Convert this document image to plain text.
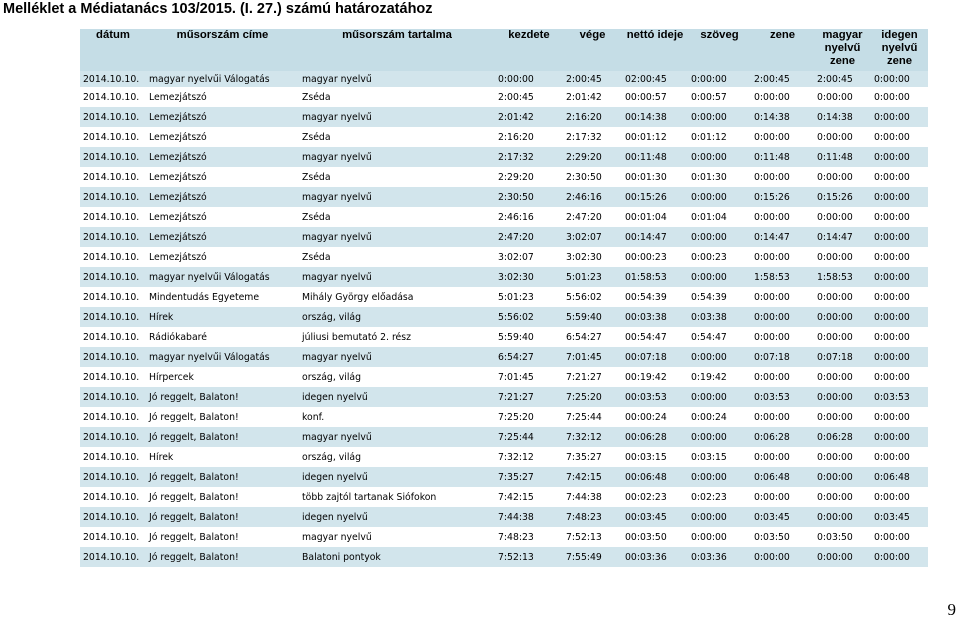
Melléklet a Médiatanács 103/2015. (I. 27.) számú határozatához
dátum	műsorszám címe	műsorszám tartalma	kezdete	vége	nettó ideje	szöveg	zene	magyar nyelvű zene	idegen nyelvű zene
2014.10.10.	magyar nyelvűi Válogatás	magyar nyelvű	0:00:00	2:00:45	02:00:45	0:00:00	2:00:45	2:00:45	0:00:00
2014.10.10.	Lemezjátszó	Zséda	2:00:45	2:01:42	00:00:57	0:00:57	0:00:00	0:00:00	0:00:00
2014.10.10.	Lemezjátszó	magyar nyelvű	2:01:42	2:16:20	00:14:38	0:00:00	0:14:38	0:14:38	0:00:00
2014.10.10.	Lemezjátszó	Zséda	2:16:20	2:17:32	00:01:12	0:01:12	0:00:00	0:00:00	0:00:00
2014.10.10.	Lemezjátszó	magyar nyelvű	2:17:32	2:29:20	00:11:48	0:00:00	0:11:48	0:11:48	0:00:00
2014.10.10.	Lemezjátszó	Zséda	2:29:20	2:30:50	00:01:30	0:01:30	0:00:00	0:00:00	0:00:00
2014.10.10.	Lemezjátszó	magyar nyelvű	2:30:50	2:46:16	00:15:26	0:00:00	0:15:26	0:15:26	0:00:00
2014.10.10.	Lemezjátszó	Zséda	2:46:16	2:47:20	00:01:04	0:01:04	0:00:00	0:00:00	0:00:00
2014.10.10.	Lemezjátszó	magyar nyelvű	2:47:20	3:02:07	00:14:47	0:00:00	0:14:47	0:14:47	0:00:00
2014.10.10.	Lemezjátszó	Zséda	3:02:07	3:02:30	00:00:23	0:00:23	0:00:00	0:00:00	0:00:00
2014.10.10.	magyar nyelvűi Válogatás	magyar nyelvű	3:02:30	5:01:23	01:58:53	0:00:00	1:58:53	1:58:53	0:00:00
2014.10.10.	Mindentudás Egyeteme	Mihály György előadása	5:01:23	5:56:02	00:54:39	0:54:39	0:00:00	0:00:00	0:00:00
2014.10.10.	Hírek	ország, világ	5:56:02	5:59:40	00:03:38	0:03:38	0:00:00	0:00:00	0:00:00
2014.10.10.	Rádiókabaré	júliusi bemutató 2. rész	5:59:40	6:54:27	00:54:47	0:54:47	0:00:00	0:00:00	0:00:00
2014.10.10.	magyar nyelvűi Válogatás	magyar nyelvű	6:54:27	7:01:45	00:07:18	0:00:00	0:07:18	0:07:18	0:00:00
2014.10.10.	Hírpercek	ország, világ	7:01:45	7:21:27	00:19:42	0:19:42	0:00:00	0:00:00	0:00:00
2014.10.10.	Jó reggelt, Balaton!	idegen nyelvű	7:21:27	7:25:20	00:03:53	0:00:00	0:03:53	0:00:00	0:03:53
2014.10.10.	Jó reggelt, Balaton!	konf.	7:25:20	7:25:44	00:00:24	0:00:24	0:00:00	0:00:00	0:00:00
2014.10.10.	Jó reggelt, Balaton!	magyar nyelvű	7:25:44	7:32:12	00:06:28	0:00:00	0:06:28	0:06:28	0:00:00
2014.10.10.	Hírek	ország, világ	7:32:12	7:35:27	00:03:15	0:03:15	0:00:00	0:00:00	0:00:00
2014.10.10.	Jó reggelt, Balaton!	idegen nyelvű	7:35:27	7:42:15	00:06:48	0:00:00	0:06:48	0:00:00	0:06:48
2014.10.10.	Jó reggelt, Balaton!	több zajtól tartanak Siófokon	7:42:15	7:44:38	00:02:23	0:02:23	0:00:00	0:00:00	0:00:00
2014.10.10.	Jó reggelt, Balaton!	idegen nyelvű	7:44:38	7:48:23	00:03:45	0:00:00	0:03:45	0:00:00	0:03:45
2014.10.10.	Jó reggelt, Balaton!	magyar nyelvű	7:48:23	7:52:13	00:03:50	0:00:00	0:03:50	0:03:50	0:00:00
2014.10.10.	Jó reggelt, Balaton!	Balatoni pontyok	7:52:13	7:55:49	00:03:36	0:03:36	0:00:00	0:00:00	0:00:00
9
